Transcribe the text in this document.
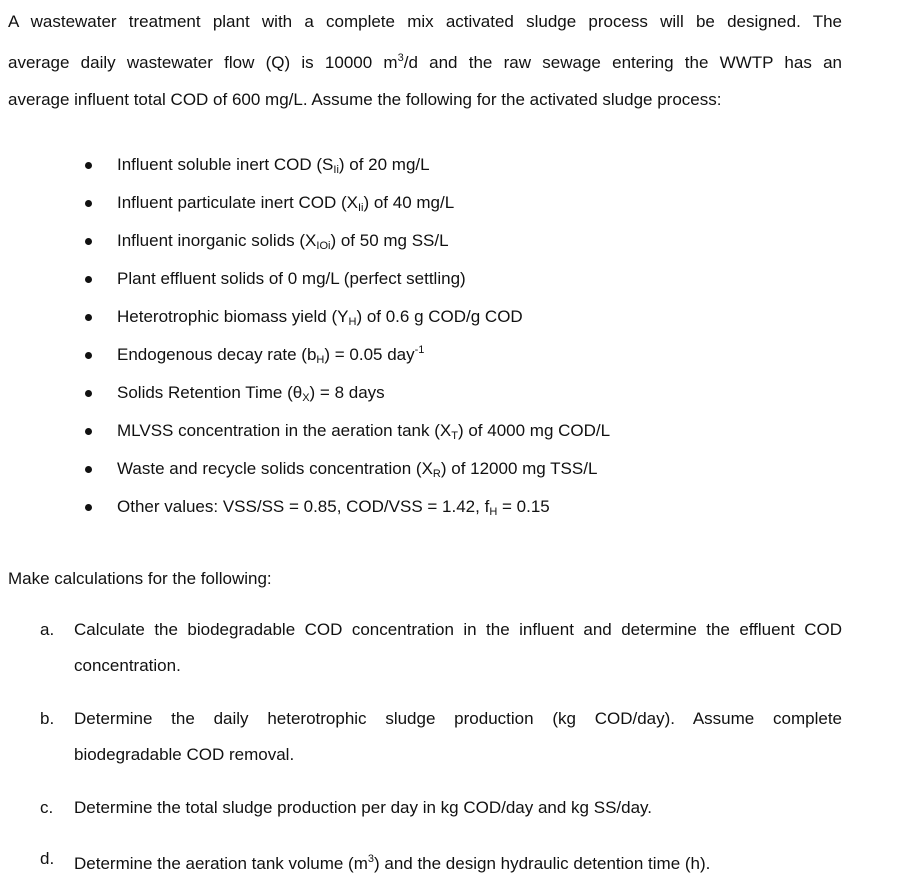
A wastewater treatment plant with a complete mix activated sludge process will be designed. The
average daily wastewater flow (Q) is 10000 $m^3/d$ and the raw sewage entering the WWTP has an
average influent total COD of 600 mg/L. Assume the following for the activated sludge process:
Influent soluble inert COD $(S_{Ii})$ of 20 mg/L
Influent particulate inert COD $(X_{Ii})$ of 40 mg/L
Influent inorganic solids $(X_{IOi})$ of 50 mg SS/L
Plant effluent solids of 0 mg/L (perfect settling)
Heterotrophic biomass yield $(Y_H)$ of 0.6 g COD/g COD
Endogenous decay rate $(b_H) = 0.05$ day$^{-1}$
Solids Retention Time $(\theta_X) = 8$ days
MLVSS concentration in the aeration tank $(X_T)$ of 4000 mg COD/L
Waste and recycle solids concentration $(X_R)$ of 12000 mg TSS/L
Other values: VSS/SS = 0.85, COD/VSS = 1.42, $f_H = 0.15$

Make calculations for the following:

a.	Calculate the biodegradable COD concentration in the influent and determine the effluent COD
concentration.
b.	Determine the daily heterotrophic sludge production (kg COD/day). Assume complete
biodegradable COD removal.
c.	Determine the total sludge production per day in kg COD/day and kg SS/day.
d.	Determine the aeration tank volume $(m^3)$ and the design hydraulic detention time (h).
